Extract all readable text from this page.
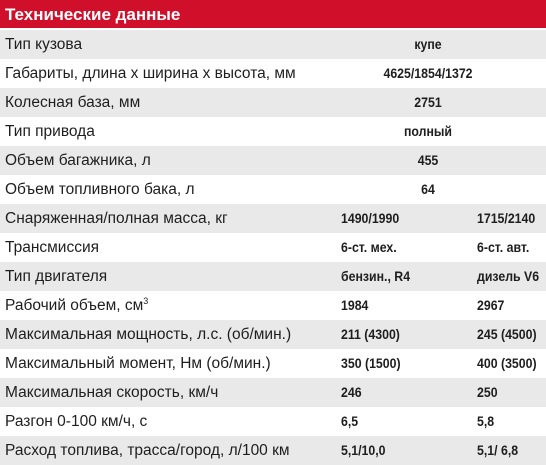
Технические данные
Тип кузова	купе
Габариты, длина х ширина х высота, мм	4625/1854/1372
Колесная база, мм	2751
Тип привода	полный
Объем багажника, л	455
Объем топливного бака, л	64
Снаряженная/полная масса, кг	1490/1990	1715/2140
Трансмиссия	6-ст. мех.	6-ст. авт.
Тип двигателя	бензин., R4	дизель V6
Рабочий объем, $см^3$	1984	2967
Максимальная мощность, л.с. (об/мин.)	211 (4300)	245 (4500)
Максимальный момент, Нм (об/мин.)	350 (1500)	400 (3500)
Максимальная скорость, км/ч	246	250
Разгон 0-100 км/ч, с	6,5	5,8
Расход топлива, трасса/город, л/100 км	5,1/10,0	5,1/ 6,8
